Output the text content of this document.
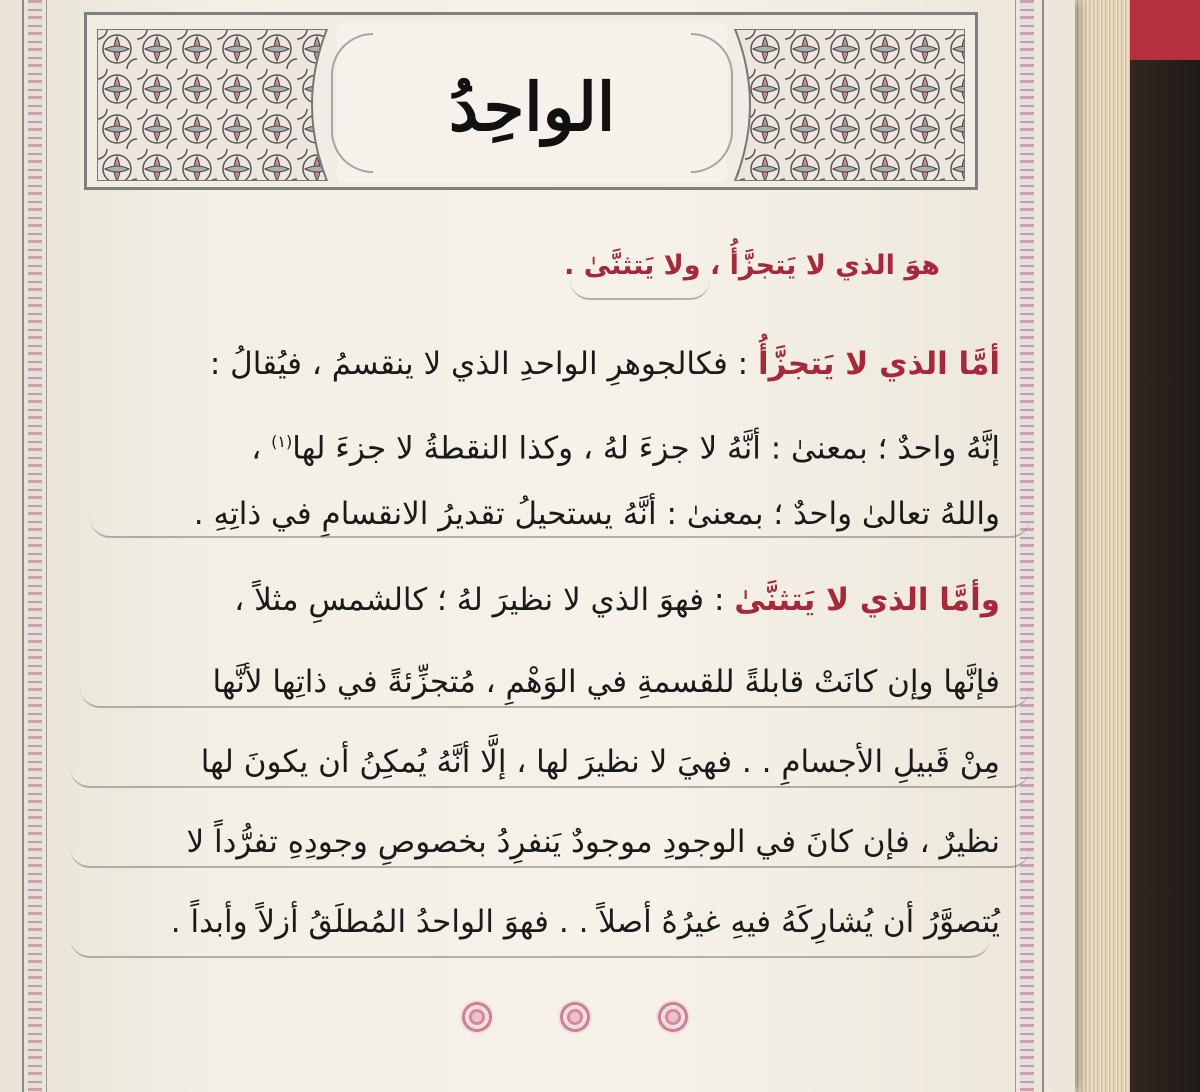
الواحِدُ
هوَ الذي لا يَتجزَّأُ ، ولا يَتثنَّىٰ .
أمَّا الذي لا يَتجزَّأُ : فكالجوهرِ الواحدِ الذي لا ينقسمُ ، فيُقالُ :
إنَّهُ واحدٌ ؛ بمعنىٰ : أنَّهُ لا جزءَ لهُ ، وكذا النقطةُ لا جزءَ لها$^{(١)}$ ،
واللهُ تعالىٰ واحدٌ ؛ بمعنىٰ : أنَّهُ يستحيلُ تقديرُ الانقسامِ في ذاتِهِ .
وأمَّا الذي لا يَتثنَّىٰ : فهوَ الذي لا نظيرَ لهُ ؛ كالشمسِ مثلاً ،
فإنَّها وإن كانَتْ قابلةً للقسمةِ في الوَهْمِ ، مُتجزِّئةً في ذاتِها لأنَّها
مِنْ قَبيلِ الأجسامِ . . فهيَ لا نظيرَ لها ، إلَّا أنَّهُ يُمكِنُ أن يكونَ لها
نظيرٌ ، فإن كانَ في الوجودِ موجودٌ يَنفرِدُ بخصوصِ وجودِهِ تفرُّداً لا
يُتصوَّرُ أن يُشارِكَهُ فيهِ غيرُهُ أصلاً . . فهوَ الواحدُ المُطلَقُ أزلاً وأبداً .
